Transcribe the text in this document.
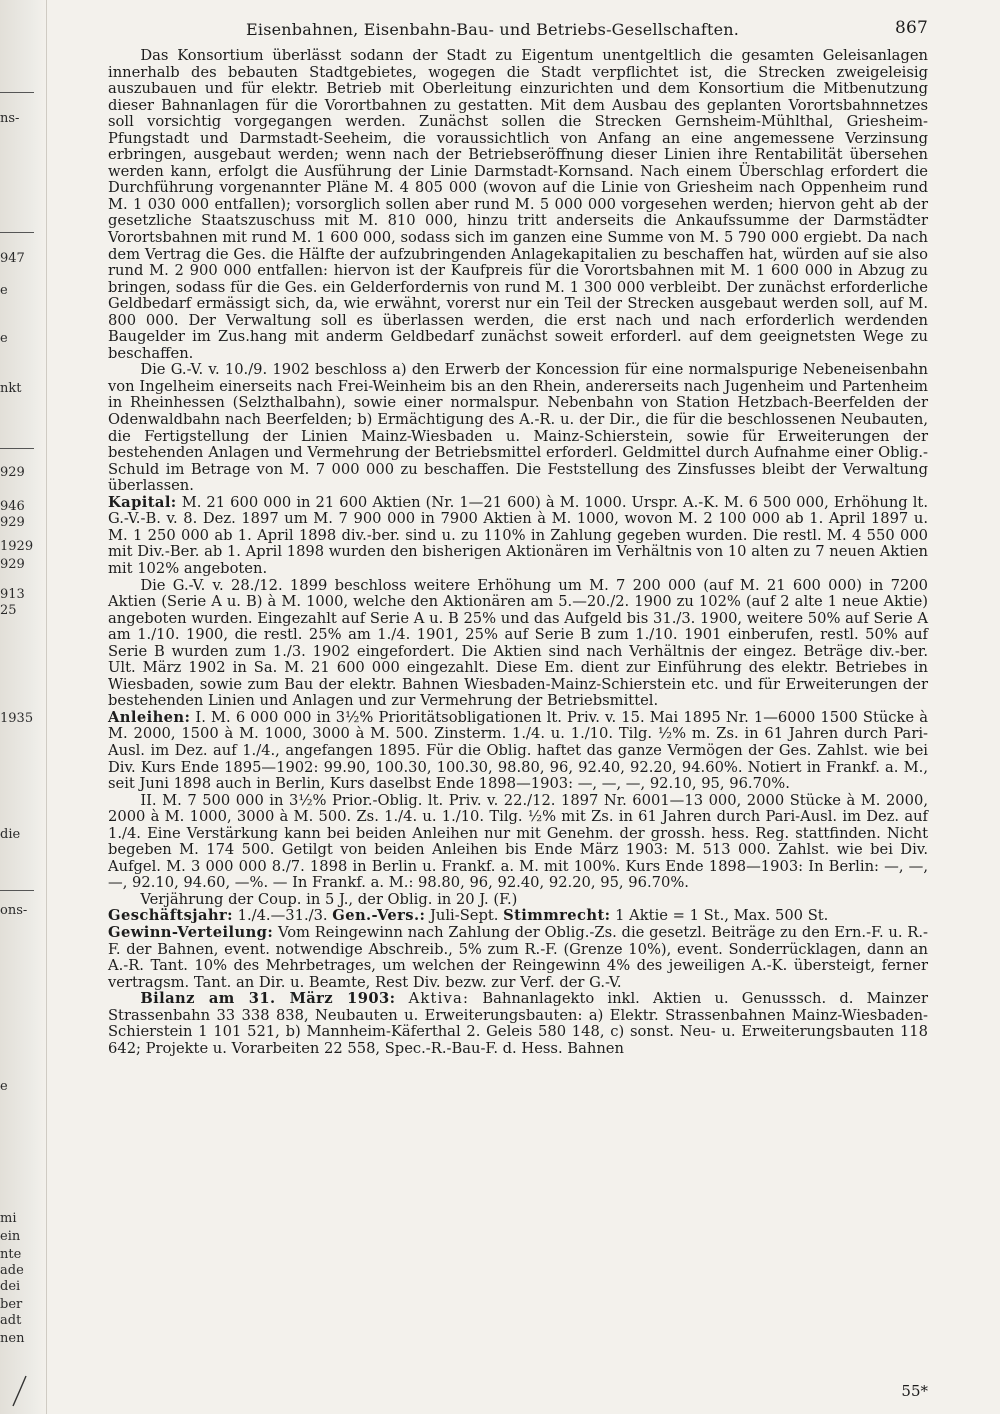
ns-
947
e
e
nkt
929
946
929
1929
929
913
25
1935
die
ons-
e
mi
ein
nte
ade
dei
ber
adt
nen
Eisenbahnen, Eisenbahn-Bau- und Betriebs-Gesellschaften.	867

Das Konsortium überlässt sodann der Stadt zu Eigentum unentgeltlich die gesamten Geleisanlagen innerhalb des bebauten Stadtgebietes, wogegen die Stadt verpflichtet ist, die Strecken zweigeleisig auszubauen und für elektr. Betrieb mit Oberleitung einzurichten und dem Konsortium die Mitbenutzung dieser Bahnanlagen für die Vorortbahnen zu gestatten. Mit dem Ausbau des geplanten Vorortsbahnnetzes soll vorsichtig vorgegangen werden. Zunächst sollen die Strecken Gernsheim-Mühlthal, Griesheim-Pfungstadt und Darmstadt-Seeheim, die voraussichtlich von Anfang an eine angemessene Verzinsung erbringen, ausgebaut werden; wenn nach der Betriebseröffnung dieser Linien ihre Rentabilität übersehen werden kann, erfolgt die Ausführung der Linie Darmstadt-Kornsand. Nach einem Überschlag erfordert die Durchführung vorgenannter Pläne M. 4 805 000 (wovon auf die Linie von Griesheim nach Oppenheim rund M. 1 030 000 entfallen); vorsorglich sollen aber rund M. 5 000 000 vorgesehen werden; hiervon geht ab der gesetzliche Staatszuschuss mit M. 810 000, hinzu tritt anderseits die Ankaufssumme der Darmstädter Vorortsbahnen mit rund M. 1 600 000, sodass sich im ganzen eine Summe von M. 5 790 000 ergiebt. Da nach dem Vertrag die Ges. die Hälfte der aufzubringenden Anlagekapitalien zu beschaffen hat, würden auf sie also rund M. 2 900 000 entfallen: hiervon ist der Kaufpreis für die Vorortsbahnen mit M. 1 600 000 in Abzug zu bringen, sodass für die Ges. ein Gelderfordernis von rund M. 1 300 000 verbleibt. Der zunächst erforderliche Geldbedarf ermässigt sich, da, wie erwähnt, vorerst nur ein Teil der Strecken ausgebaut werden soll, auf M. 800 000. Der Verwaltung soll es überlassen werden, die erst nach und nach erforderlich werdenden Baugelder im Zus.hang mit anderm Geldbedarf zunächst soweit erforderl. auf dem geeignetsten Wege zu beschaffen.

Die G.-V. v. 10./9. 1902 beschloss a) den Erwerb der Koncession für eine normalspurige Nebeneisenbahn von Ingelheim einerseits nach Frei-Weinheim bis an den Rhein, andererseits nach Jugenheim und Partenheim in Rheinhessen (Selzthalbahn), sowie einer normalspur. Nebenbahn von Station Hetzbach-Beerfelden der Odenwaldbahn nach Beerfelden; b) Ermächtigung des A.-R. u. der Dir., die für die beschlossenen Neubauten, die Fertigstellung der Linien Mainz-Wiesbaden u. Mainz-Schierstein, sowie für Erweiterungen der bestehenden Anlagen und Vermehrung der Betriebsmittel erforderl. Geldmittel durch Aufnahme einer Oblig.-Schuld im Betrage von M. 7 000 000 zu beschaffen. Die Feststellung des Zinsfusses bleibt der Verwaltung überlassen.

Kapital: M. 21 600 000 in 21 600 Aktien (Nr. 1—21 600) à M. 1000. Urspr. A.-K. M. 6 500 000, Erhöhung lt. G.-V.-B. v. 8. Dez. 1897 um M. 7 900 000 in 7900 Aktien à M. 1000, wovon M. 2 100 000 ab 1. April 1897 u. M. 1 250 000 ab 1. April 1898 div.-ber. sind u. zu 110% in Zahlung gegeben wurden. Die restl. M. 4 550 000 mit Div.-Ber. ab 1. April 1898 wurden den bisherigen Aktionären im Verhältnis von 10 alten zu 7 neuen Aktien mit 102% angeboten.

Die G.-V. v. 28./12. 1899 beschloss weitere Erhöhung um M. 7 200 000 (auf M. 21 600 000) in 7200 Aktien (Serie A u. B) à M. 1000, welche den Aktionären am 5.—20./2. 1900 zu 102% (auf 2 alte 1 neue Aktie) angeboten wurden. Eingezahlt auf Serie A u. B 25% und das Aufgeld bis 31./3. 1900, weitere 50% auf Serie A am 1./10. 1900, die restl. 25% am 1./4. 1901, 25% auf Serie B zum 1./10. 1901 einberufen, restl. 50% auf Serie B wurden zum 1./3. 1902 eingefordert. Die Aktien sind nach Verhältnis der eingez. Beträge div.-ber. Ult. März 1902 in Sa. M. 21 600 000 eingezahlt. Diese Em. dient zur Einführung des elektr. Betriebes in Wiesbaden, sowie zum Bau der elektr. Bahnen Wiesbaden-Mainz-Schierstein etc. und für Erweiterungen der bestehenden Linien und Anlagen und zur Vermehrung der Betriebsmittel.

Anleihen: I. M. 6 000 000 in 3½% Prioritätsobligationen lt. Priv. v. 15. Mai 1895 Nr. 1—6000 1500 Stücke à M. 2000, 1500 à M. 1000, 3000 à M. 500. Zinsterm. 1./4. u. 1./10. Tilg. ½% m. Zs. in 61 Jahren durch Pari-Ausl. im Dez. auf 1./4., angefangen 1895. Für die Oblig. haftet das ganze Vermögen der Ges. Zahlst. wie bei Div. Kurs Ende 1895—1902: 99.90, 100.30, 100.30, 98.80, 96, 92.40, 92.20, 94.60%. Notiert in Frankf. a. M., seit Juni 1898 auch in Berlin, Kurs daselbst Ende 1898—1903: —, —, —, 92.10, 95, 96.70%.

II. M. 7 500 000 in 3½% Prior.-Oblig. lt. Priv. v. 22./12. 1897 Nr. 6001—13 000, 2000 Stücke à M. 2000, 2000 à M. 1000, 3000 à M. 500. Zs. 1./4. u. 1./10. Tilg. ½% mit Zs. in 61 Jahren durch Pari-Ausl. im Dez. auf 1./4. Eine Verstärkung kann bei beiden Anleihen nur mit Genehm. der grossh. hess. Reg. stattfinden. Nicht begeben M. 174 500. Getilgt von beiden Anleihen bis Ende März 1903: M. 513 000. Zahlst. wie bei Div. Aufgel. M. 3 000 000 8./7. 1898 in Berlin u. Frankf. a. M. mit 100%. Kurs Ende 1898—1903: In Berlin: —, —, —, 92.10, 94.60, —%. — In Frankf. a. M.: 98.80, 96, 92.40, 92.20, 95, 96.70%.

Verjährung der Coup. in 5 J., der Oblig. in 20 J. (F.)

Geschäftsjahr: 1./4.—31./3. Gen.-Vers.: Juli-Sept. Stimmrecht: 1 Aktie = 1 St., Max. 500 St.

Gewinn-Verteilung: Vom Reingewinn nach Zahlung der Oblig.-Zs. die gesetzl. Beiträge zu den Ern.-F. u. R.-F. der Bahnen, event. notwendige Abschreib., 5% zum R.-F. (Grenze 10%), event. Sonderrücklagen, dann an A.-R. Tant. 10% des Mehrbetrages, um welchen der Reingewinn 4% des jeweiligen A.-K. übersteigt, ferner vertragsm. Tant. an Dir. u. Beamte, Rest Div. bezw. zur Verf. der G.-V.

Bilanz am 31. März 1903: Aktiva: Bahnanlagekto inkl. Aktien u. Genusssch. d. Mainzer Strassenbahn 33 338 838, Neubauten u. Erweiterungsbauten: a) Elektr. Strassenbahnen Mainz-Wiesbaden-Schierstein 1 101 521, b) Mannheim-Käferthal 2. Geleis 580 148, c) sonst. Neu- u. Erweiterungsbauten 118 642; Projekte u. Vorarbeiten 22 558, Spec.-R.-Bau-F. d. Hess. Bahnen

55*
